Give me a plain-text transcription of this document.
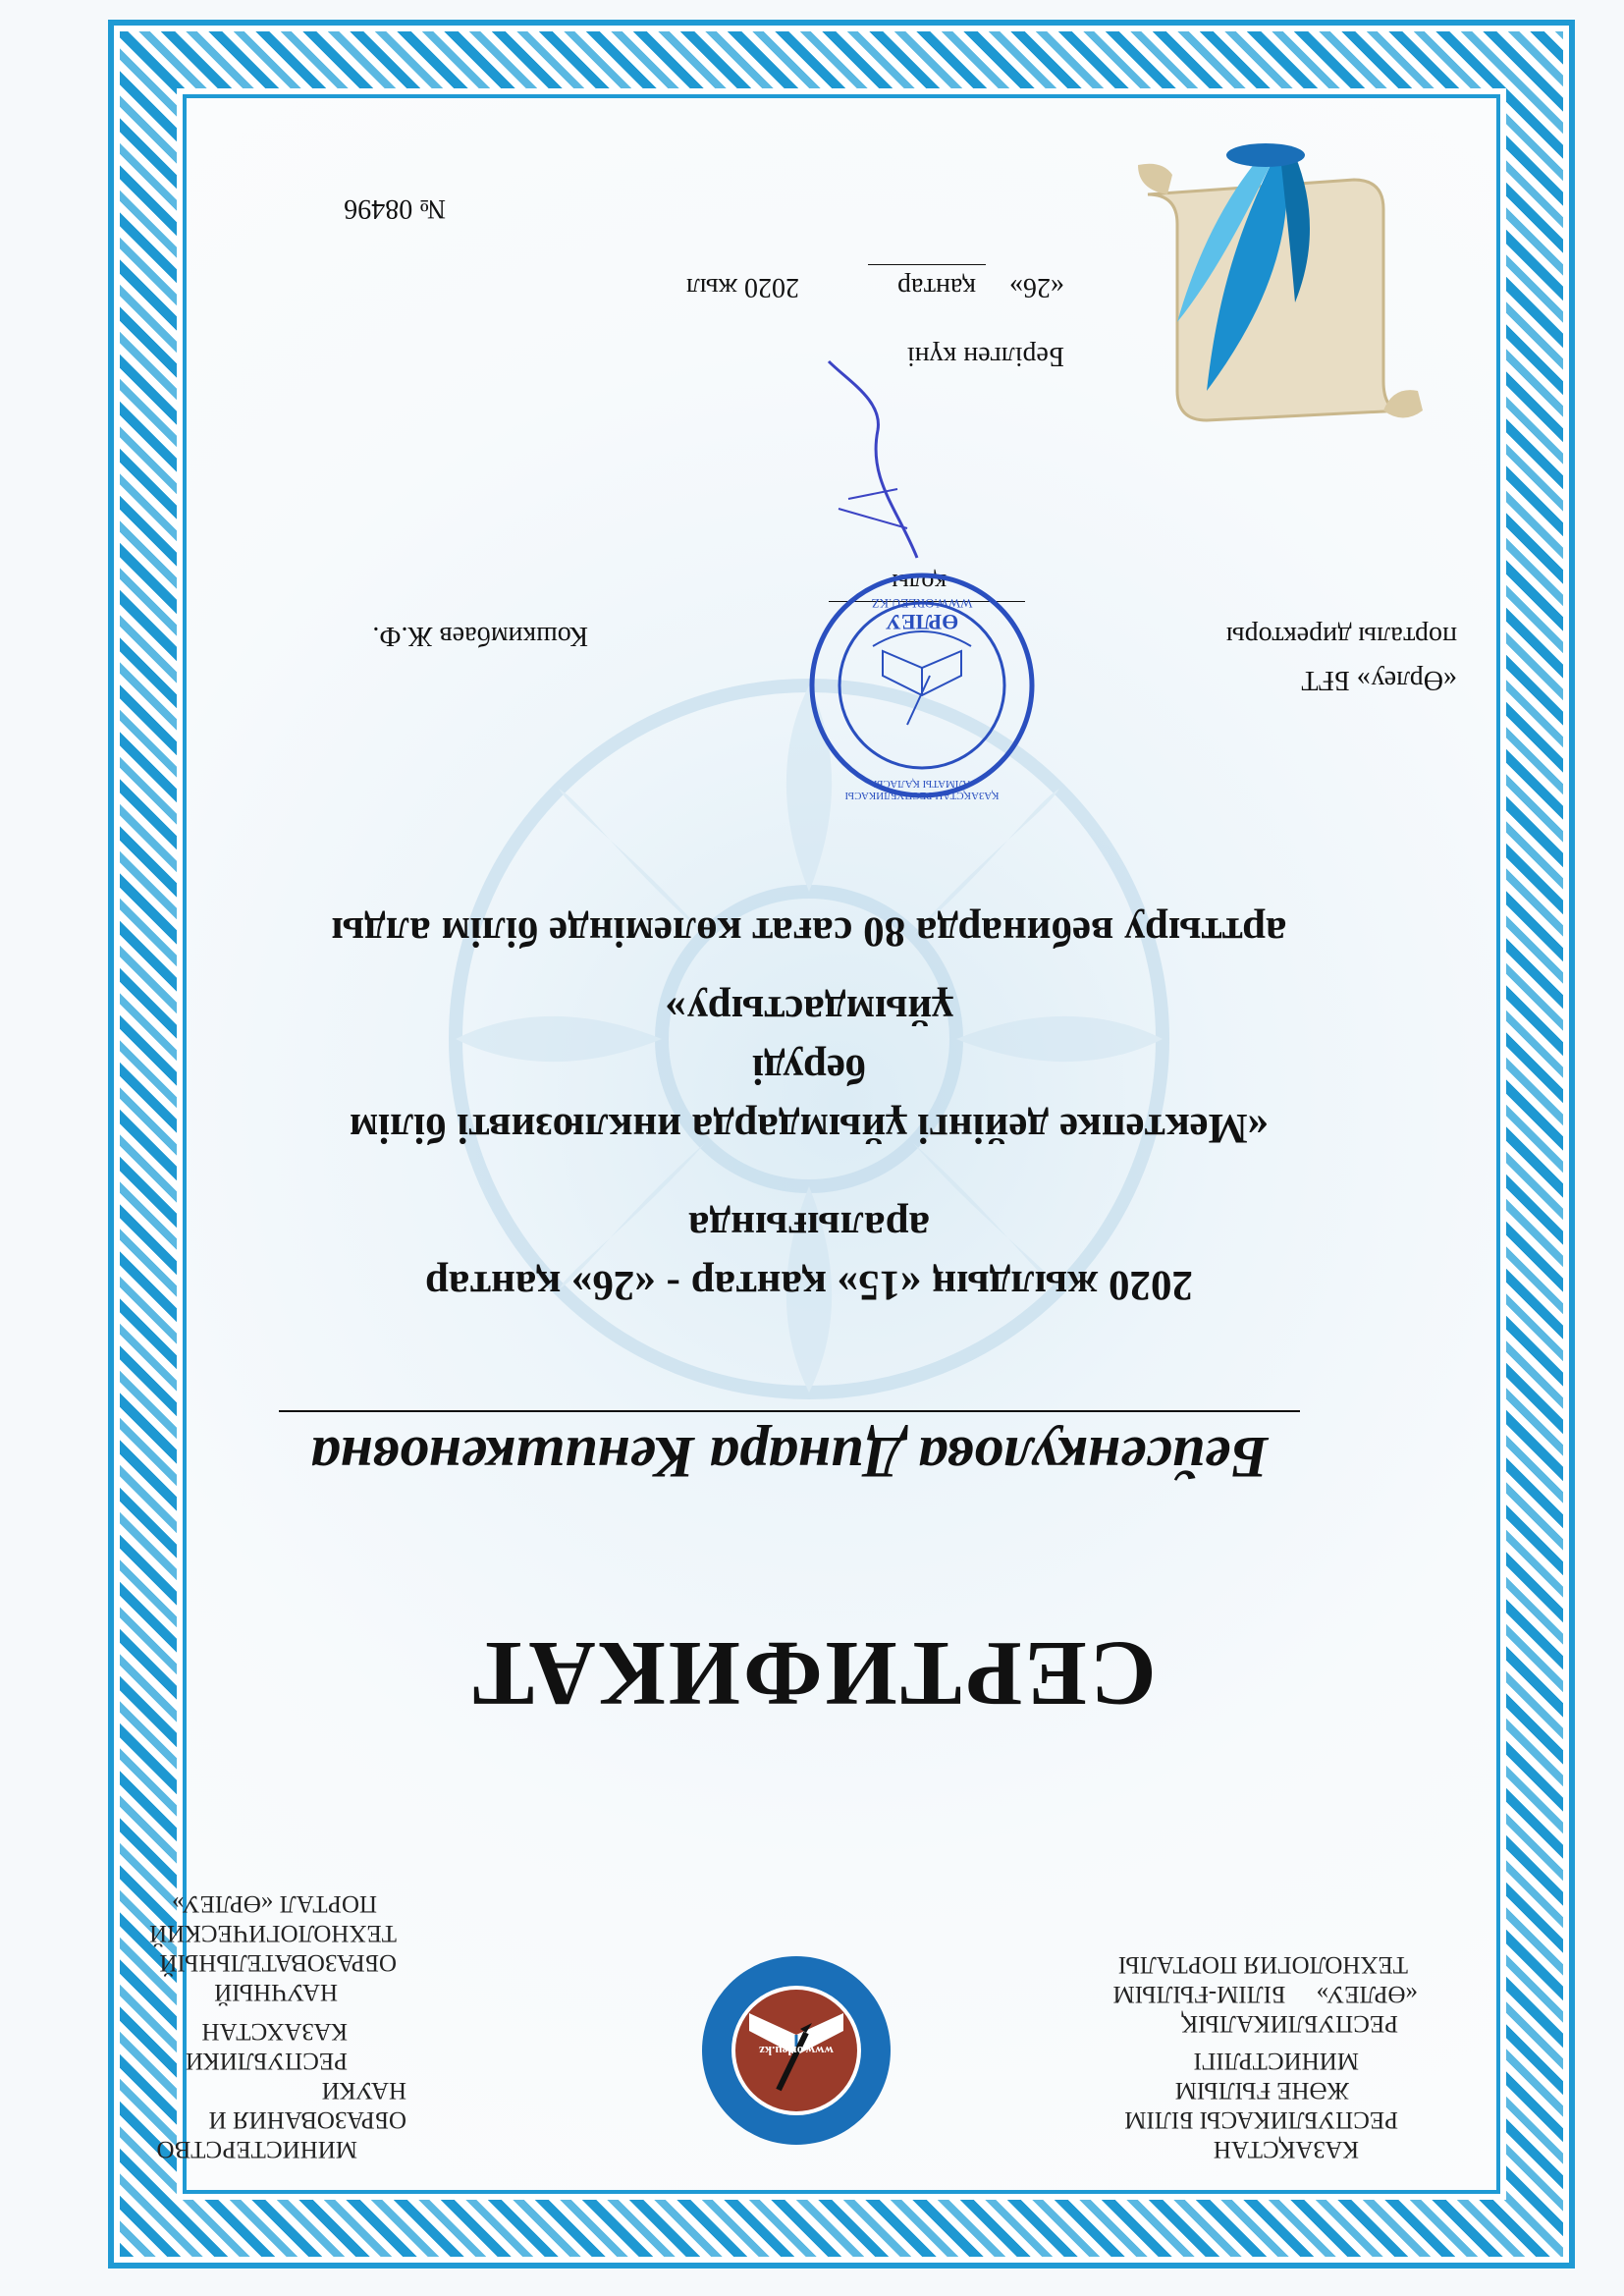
КАЗАҚСТАН
РЕСПУБЛИКАСЫ БІЛІМ
ЖӘНЕ ҒЫЛЫМ
МИНИСТРЛІГІ
РЕСПУБЛИКАЛЫҚ
«ӨРЛЕУ»     БІЛІМ-ҒЫЛЫМ
ТЕХНОЛОГИЯ ПОРТАЛЫ
МИНИСТЕРСТВО
ОБРАЗОВАНИЯ И НАУКИ
РЕСПУБЛИКИ
КАЗАХСТАН
НАУЧНЫЙ
ОБРАЗОВАТЕЛЬНЫЙ
ТЕХНОЛОГИЧЕСКИЙ
ПОРТАЛ «ӨРЛЕУ»
www.orleu.kz
СЕРТИФИКАТ
Бейсенкулова Динара Кенишкеновна
2020 жылдың «15» қантар - «26» қантар аралығында
«Мектепке дейінгі ұйымдарда инклюзивті білім беруді
ұйымдастыру»
арттыру вебинарда 80 сағат көлемінде білім алды
«Өрлеу» БҒТ
порталы директоры
Кошкимбаев Ж.Ф.
қолы
ӨРЛЕУ
WWW.ORLEU.KZ
ҚАЗАҚСТАН РЕСПУБЛИКАСЫ АЛМАТЫ ҚАЛАСЫ
Берілген күні
«26»
қантар
2020 жыл
№ 08496
